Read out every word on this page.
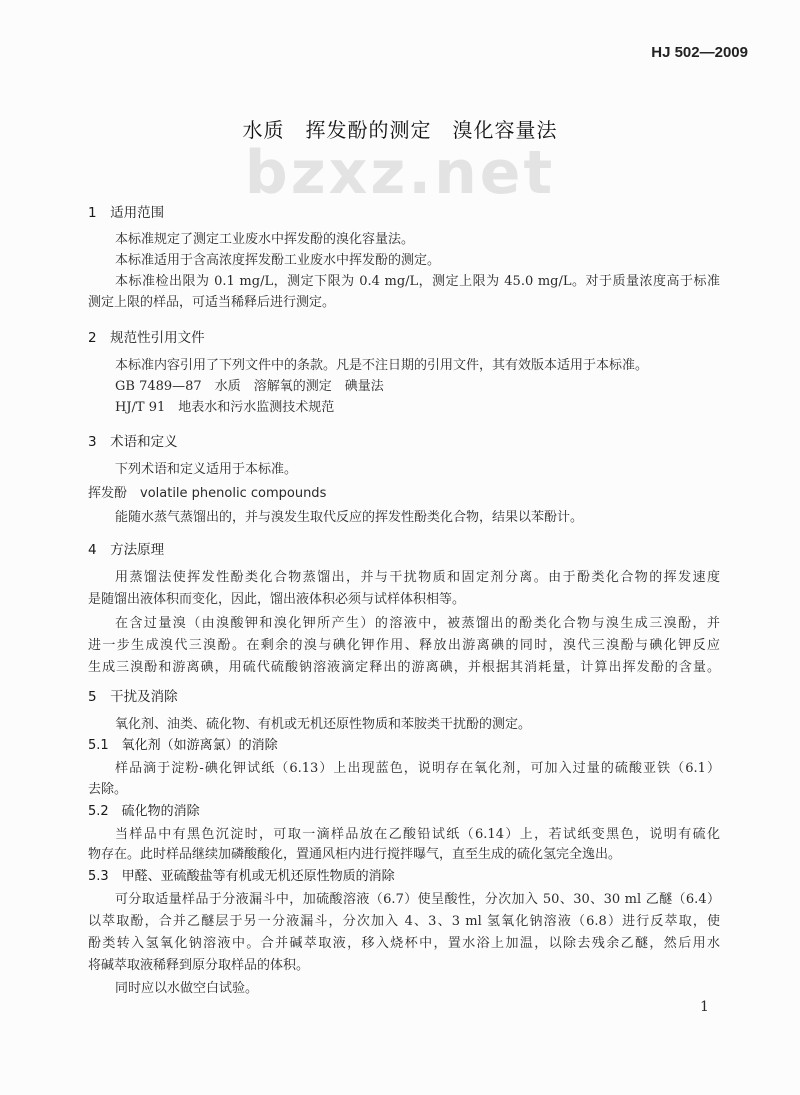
bzxz.net
HJ 502—2009
水质　挥发酚的测定　溴化容量法
1　适用范围
本标准规定了测定工业废水中挥发酚的溴化容量法。
本标准适用于含高浓度挥发酚工业废水中挥发酚的测定。
本标准检出限为 0.1 mg/L，测定下限为 0.4 mg/L，测定上限为 45.0 mg/L。对于质量浓度高于标准
测定上限的样品，可适当稀释后进行测定。
2　规范性引用文件
本标准内容引用了下列文件中的条款。凡是不注日期的引用文件，其有效版本适用于本标准。
GB 7489—87　水质　溶解氧的测定　碘量法
HJ/T 91　地表水和污水监测技术规范
3　术语和定义
下列术语和定义适用于本标准。
挥发酚　volatile phenolic compounds
能随水蒸气蒸馏出的，并与溴发生取代反应的挥发性酚类化合物，结果以苯酚计。
4　方法原理
用蒸馏法使挥发性酚类化合物蒸馏出，并与干扰物质和固定剂分离。由于酚类化合物的挥发速度
是随馏出液体积而变化，因此，馏出液体积必须与试样体积相等。
在含过量溴（由溴酸钾和溴化钾所产生）的溶液中，被蒸馏出的酚类化合物与溴生成三溴酚，并
进一步生成溴代三溴酚。在剩余的溴与碘化钾作用、释放出游离碘的同时，溴代三溴酚与碘化钾反应
生成三溴酚和游离碘，用硫代硫酸钠溶液滴定释出的游离碘，并根据其消耗量，计算出挥发酚的含量。
5　干扰及消除
氧化剂、油类、硫化物、有机或无机还原性物质和苯胺类干扰酚的测定。
5.1　氧化剂（如游离氯）的消除
样品滴于淀粉-碘化钾试纸（6.13）上出现蓝色，说明存在氧化剂，可加入过量的硫酸亚铁（6.1）
去除。
5.2　硫化物的消除
当样品中有黑色沉淀时，可取一滴样品放在乙酸铅试纸（6.14）上，若试纸变黑色，说明有硫化
物存在。此时样品继续加磷酸酸化，置通风柜内进行搅拌曝气，直至生成的硫化氢完全逸出。
5.3　甲醛、亚硫酸盐等有机或无机还原性物质的消除
可分取适量样品于分液漏斗中，加硫酸溶液（6.7）使呈酸性，分次加入 50、30、30 ml 乙醚（6.4）
以萃取酚，合并乙醚层于另一分液漏斗，分次加入 4、3、3 ml 氢氧化钠溶液（6.8）进行反萃取，使
酚类转入氢氧化钠溶液中。合并碱萃取液，移入烧杯中，置水浴上加温，以除去残余乙醚，然后用水
将碱萃取液稀释到原分取样品的体积。
同时应以水做空白试验。
1
